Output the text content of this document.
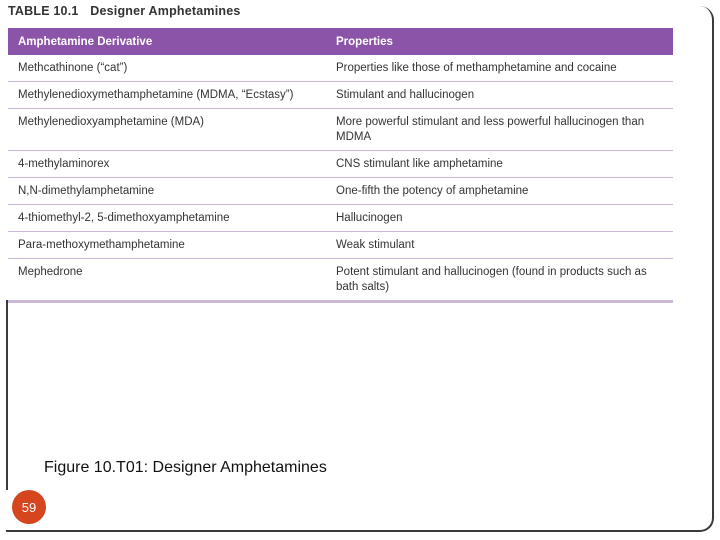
TABLE 10.1 Designer Amphetamines
Amphetamine Derivative	Properties
Methcathinone (“cat”)	Properties like those of methamphetamine and cocaine
Methylenedioxymethamphetamine (MDMA, “Ecstasy”)	Stimulant and hallucinogen
Methylenedioxyamphetamine (MDA)	More powerful stimulant and less powerful hallucinogen than MDMA
4-methylaminorex	CNS stimulant like amphetamine
N,N-dimethylamphetamine	One-fifth the potency of amphetamine
4-thiomethyl-2, 5-dimethoxyamphetamine	Hallucinogen
Para-methoxymethamphetamine	Weak stimulant
Mephedrone	Potent stimulant and hallucinogen (found in products such as bath salts)
Figure 10.T01: Designer Amphetamines
59
